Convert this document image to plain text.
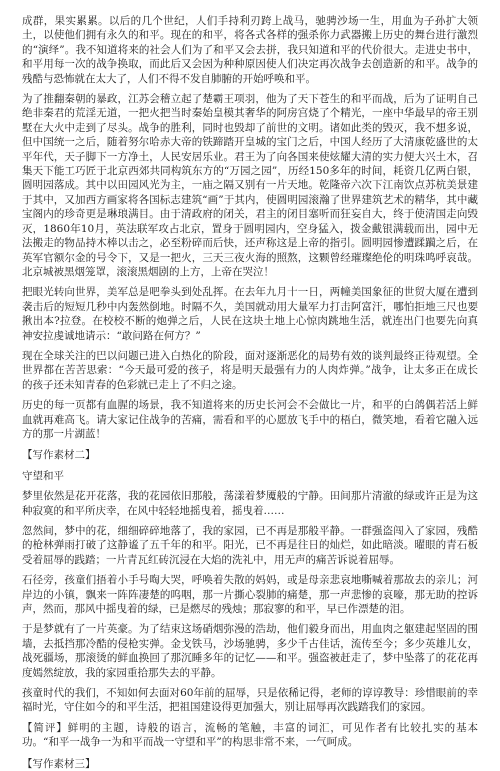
成群，果实累累。以后的几个世纪，人们手持利刃跨上战马，驰骋沙场一生，用血为子孙扩大领土，以使他们拥有永久的和平。现在的和平，将各式各样的强杀你力武器搬上历史的舞台进行激烈的“演绎”。我不知道将来的社会人们为了和平又会去拼，我只知道和平的代价很大。走进史书中，和平用每一次的战争换取，而此后又会因为种种原因使人们决定再次战争去创造新的和平。战争的残酷与恐怖就在太大了，人们不得不发自肺腑的开始呼唤和平。

为了推翻秦朝的暴政，江苏会稽立起了楚霸王项羽，他为了天下苍生的和平而战，后为了证明自己绝非秦君的荒淫无道，一把火把当时秦始皇模其奢华的阿房宫烧了个精光，一座中华最早的帝王别墅在大火中走到了尽头。战争的胜利，同时也毁却了前世的文明。诸如此类的毁灭，我不想多说，但中国统一之后，随着努尔哈赤大帝的铁蹄踏开皇城的宝门之后，中国人经历了大清康乾盛世的太平年代，天子脚下一方净土，人民安居乐业。君王为了向各国来使炫耀大清的实力便大兴土木，召集天下能工巧匠于北京西郊共同构筑东方的“万园之园”，历经150多年的时间，耗资几亿两白银，圆明园落成。其中以田园风光为主，一庙之隔又别有一片天地。乾隆帝六次下江南饮点苏杭美景建于其中，又加西方画家将各国标志建筑“画”于其内，使圆明园滚瀚了世界建筑艺术的精华，其中藏宝阁内的珍奇更是琳琅满目。由于清政府的闭关，君主的闭目塞听而狂妄自大，终于使清国走向毁灭，1860年10月，英法联军攻占北京，置身于圆明园内，空身猛入，拨金戴银满载而出，园中无法搬走的物品持木棒以击之，必至粉碎而后快，还声称这是上帝的指引。圆明园惨遭蹂躏之后，在英军官额尔金的号令下，又是一把火，三天三夜火海的照熬，这颗曾经璀璨绝伦的明珠鸣呼哀哉。北京城被黑烟笼罩，滚滚黑烟剧的上方，上帝在哭泣！

把眼光转向世界，美军总是吧拳头到处乱挥。在去年九月十一日，两幢美国象征的世贸大厦在遭到袭击后的短短几秒中内轰然倒地。时隔不久，美国就动用大量军力打击阿富汗，哪怕拒地三尺也要揪出本?拉登。在校校不断的炮弹之后，人民在这块土地上心惊肉跳地生活，就连出门也要先向真神安拉虔诚地请示：“敢问路在何方？”

现在全球关注的巴以问题已进入白热化的阶段，面对逐渐恶化的局势有效的谈判最终正待观望。全世界都在苦苦思索：“今天最可爱的孩子，将是明天最强有力的人肉炸弹。”战争，让太多正在成长的孩子还未知青春的色彩就已走上了不归之途。

历史的每一页都有血腥的场景，我不知道将来的历史长河会不会做比一片，和平的白鸽偶若活上鲜血就再难高飞。请大家记住战争的苦痛，需看和平的心愿放飞手中的梧白，微笑地，看着它融入远方的那一片湖蓝！

【写作素材二】

守望和平

梦里依然是花开花落，我的花园依旧那般，荡漾着梦魇般的宁静。田间那片清澈的绿或许正是为这种寂寞的和平所庆幸，在风中轻轻地摇曳着，摇曳着……

忽然间，梦中的花，细细碎碎地落了，我的家园，已不再是那般平静。一群强盗闯入了家园，残酷的枪林弹雨打破了这静谧了五千年的和平。阳光，已不再是往日的灿烂，如此暗淡。曜眼的青石板受着屈辱的践踏；一片青瓦红砖沉浸在大焰的洗礼中，用无声的痛苦诉说着屈辱。

石径旁，孩童们捂着小手号啕大哭，呼唤着失散的妈妈，或是母亲悲哀地嘶喊着那故去的亲儿；河岸边的小镇，飘来一阵阵凄楚的呜咽，那一片撕心裂肺的痛楚，那一声悲惨的哀嚎，那无助的控诉声，然而，那风中摇曳着的绿，已是燃尽的残烛；那寂寥的和平，早已作漂楚的泪。

于是梦就有了一片英豪。为了结束这场硝烟弥漫的浩劫，他们毅身而出，用血肉之躯建起坚固的围墙，去抵挡那冷酷的侵枪实弹。金戈铁马，沙场驰骋，多少千古佳话，流传至今；多少英雄儿女，战死疆场，那滚烫的鲜血换回了那沉睡多年的记忆——和平。强盗被赶走了，梦中坠落了的花花再度嫣然绽放，我的家园重拾那失去的平静。

孩童时代的我们，不知如何去面对60年前的屈辱，只是依稀记得，老师的谆谆教导：珍惜眼前的幸福时光，守住如今的和平生活，把祖国建设得更加强大，别让屈辱再次践踏我们的家园。

【简评】鲜明的主题，诗般的语言，流畅的笔触，丰富的词汇，可见作者有比较扎实的基本功。“和平一战争一为和平而战一守望和平”的构思非常不来，一气呵成。

【写作素材三】
